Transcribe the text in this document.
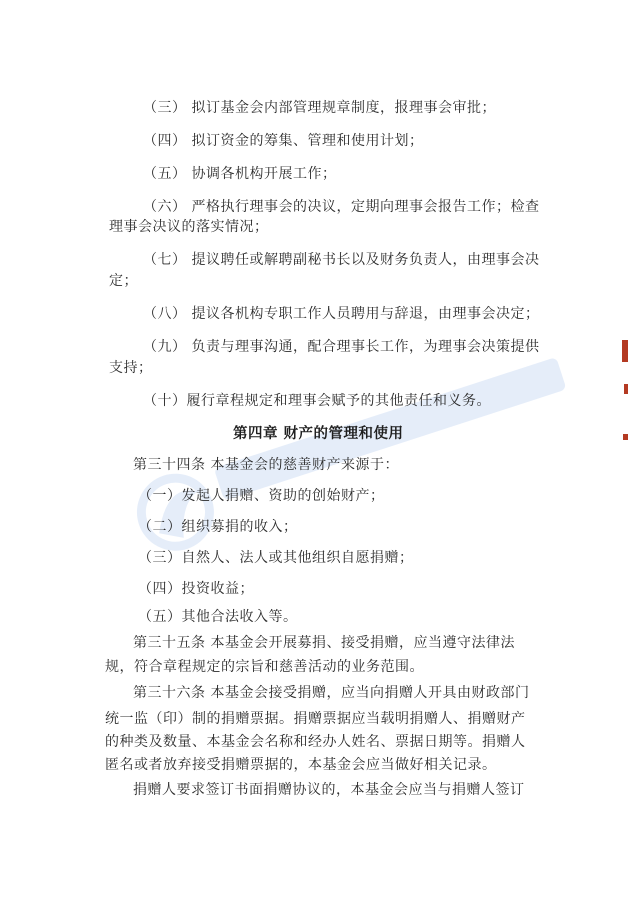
（三） 拟订基金会内部管理规章制度，报理事会审批；
（四） 拟订资金的筹集、管理和使用计划；
（五） 协调各机构开展工作；
（六） 严格执行理事会的决议，定期向理事会报告工作；检查
理事会决议的落实情况；
（七） 提议聘任或解聘副秘书长以及财务负责人，由理事会决
定；
（八） 提议各机构专职工作人员聘用与辞退，由理事会决定；
（九） 负责与理事沟通，配合理事长工作，为理事会决策提供
支持；
（十）履行章程规定和理事会赋予的其他责任和义务。
第四章 财产的管理和使用
第三十四条 本基金会的慈善财产来源于：
（一）发起人捐赠、资助的创始财产；
（二）组织募捐的收入；
（三）自然人、法人或其他组织自愿捐赠；
（四）投资收益；
（五）其他合法收入等。
第三十五条 本基金会开展募捐、接受捐赠，应当遵守法律法
规，符合章程规定的宗旨和慈善活动的业务范围。
第三十六条 本基金会接受捐赠，应当向捐赠人开具由财政部门
统一监（印）制的捐赠票据。捐赠票据应当载明捐赠人、捐赠财产
的种类及数量、本基金会名称和经办人姓名、票据日期等。捐赠人
匿名或者放弃接受捐赠票据的，本基金会应当做好相关记录。
捐赠人要求签订书面捐赠协议的，本基金会应当与捐赠人签订
